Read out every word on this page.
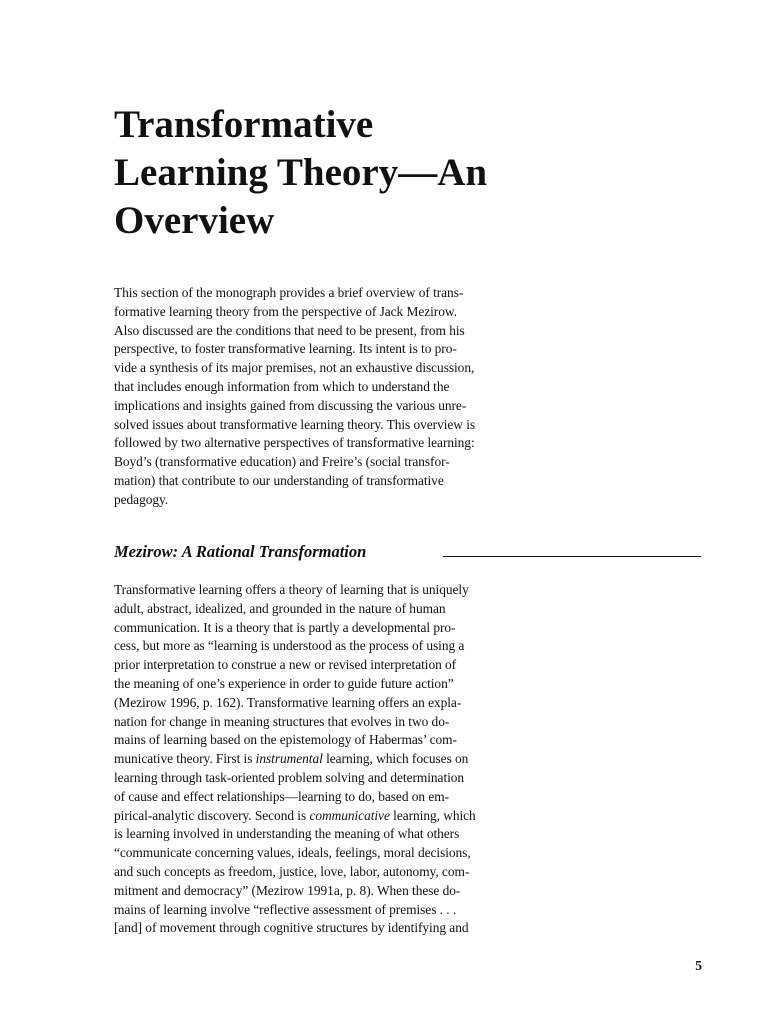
Transformative
Learning Theory—An
Overview

This section of the monograph provides a brief overview of trans-
formative learning theory from the perspective of Jack Mezirow.
Also discussed are the conditions that need to be present, from his
perspective, to foster transformative learning. Its intent is to pro-
vide a synthesis of its major premises, not an exhaustive discussion,
that includes enough information from which to understand the
implications and insights gained from discussing the various unre-
solved issues about transformative learning theory. This overview is
followed by two alternative perspectives of transformative learning:
Boyd’s (transformative education) and Freire’s (social transfor-
mation) that contribute to our understanding of transformative
pedagogy.

Mezirow: A Rational Transformation

Transformative learning offers a theory of learning that is uniquely
adult, abstract, idealized, and grounded in the nature of human
communication. It is a theory that is partly a developmental pro-
cess, but more as “learning is understood as the process of using a
prior interpretation to construe a new or revised interpretation of
the meaning of one’s experience in order to guide future action”
(Mezirow 1996, p. 162). Transformative learning offers an expla-
nation for change in meaning structures that evolves in two do-
mains of learning based on the epistemology of Habermas’ com-
municative theory. First is instrumental learning, which focuses on
learning through task-oriented problem solving and determination
of cause and effect relationships—learning to do, based on em-
pirical-analytic discovery. Second is communicative learning, which
is learning involved in understanding the meaning of what others
“communicate concerning values, ideals, feelings, moral decisions,
and such concepts as freedom, justice, love, labor, autonomy, com-
mitment and democracy” (Mezirow 1991a, p. 8). When these do-
mains of learning involve “reflective assessment of premises . . .
[and] of movement through cognitive structures by identifying and

5
